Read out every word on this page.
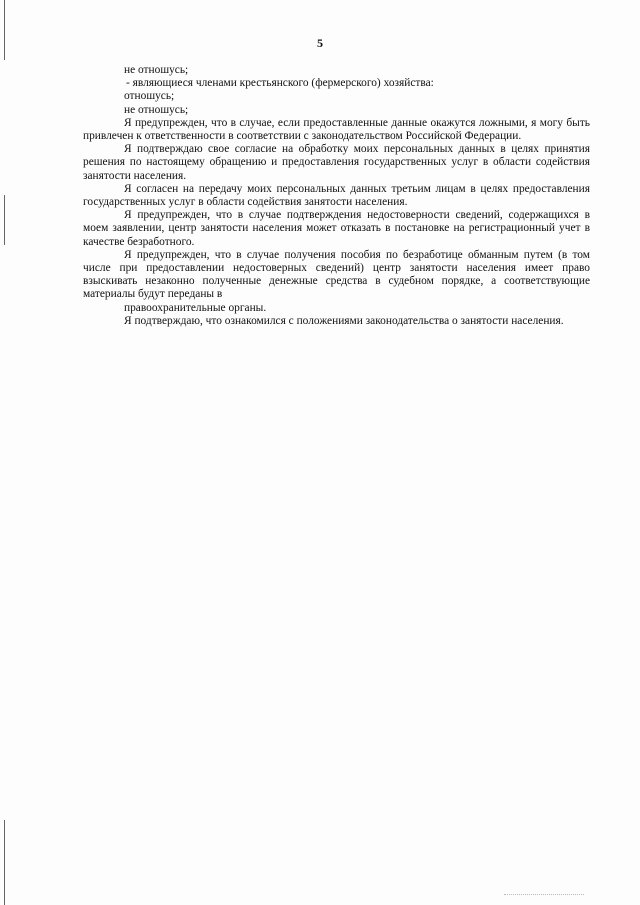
5

не отношусь;

- являющиеся членами крестьянского (фермерского) хозяйства:

отношусь;

не отношусь;

Я предупрежден, что в случае, если предоставленные данные окажутся ложными, я могу быть привлечен к ответственности в соответствии с законодательством Российской Федерации.

Я подтверждаю свое согласие на обработку моих персональных данных в целях принятия решения по настоящему обращению и предоставления государственных услуг в области содействия занятости населения.

Я согласен на передачу моих персональных данных третьим лицам в целях предоставления государственных услуг в области содействия занятости населения.

Я предупрежден, что в случае подтверждения недостоверности сведений, содержащихся в моем заявлении, центр занятости населения может отказать в постановке на регистрационный учет в качестве безработного.

Я предупрежден, что в случае получения пособия по безработице обманным путем (в том числе при предоставлении недостоверных сведений) центр занятости населения имеет право взыскивать незаконно полученные денежные средства в судебном порядке, а соответствующие материалы будут переданы в

правоохранительные органы.

Я подтверждаю, что ознакомился с положениями законодательства о занятости населения.
